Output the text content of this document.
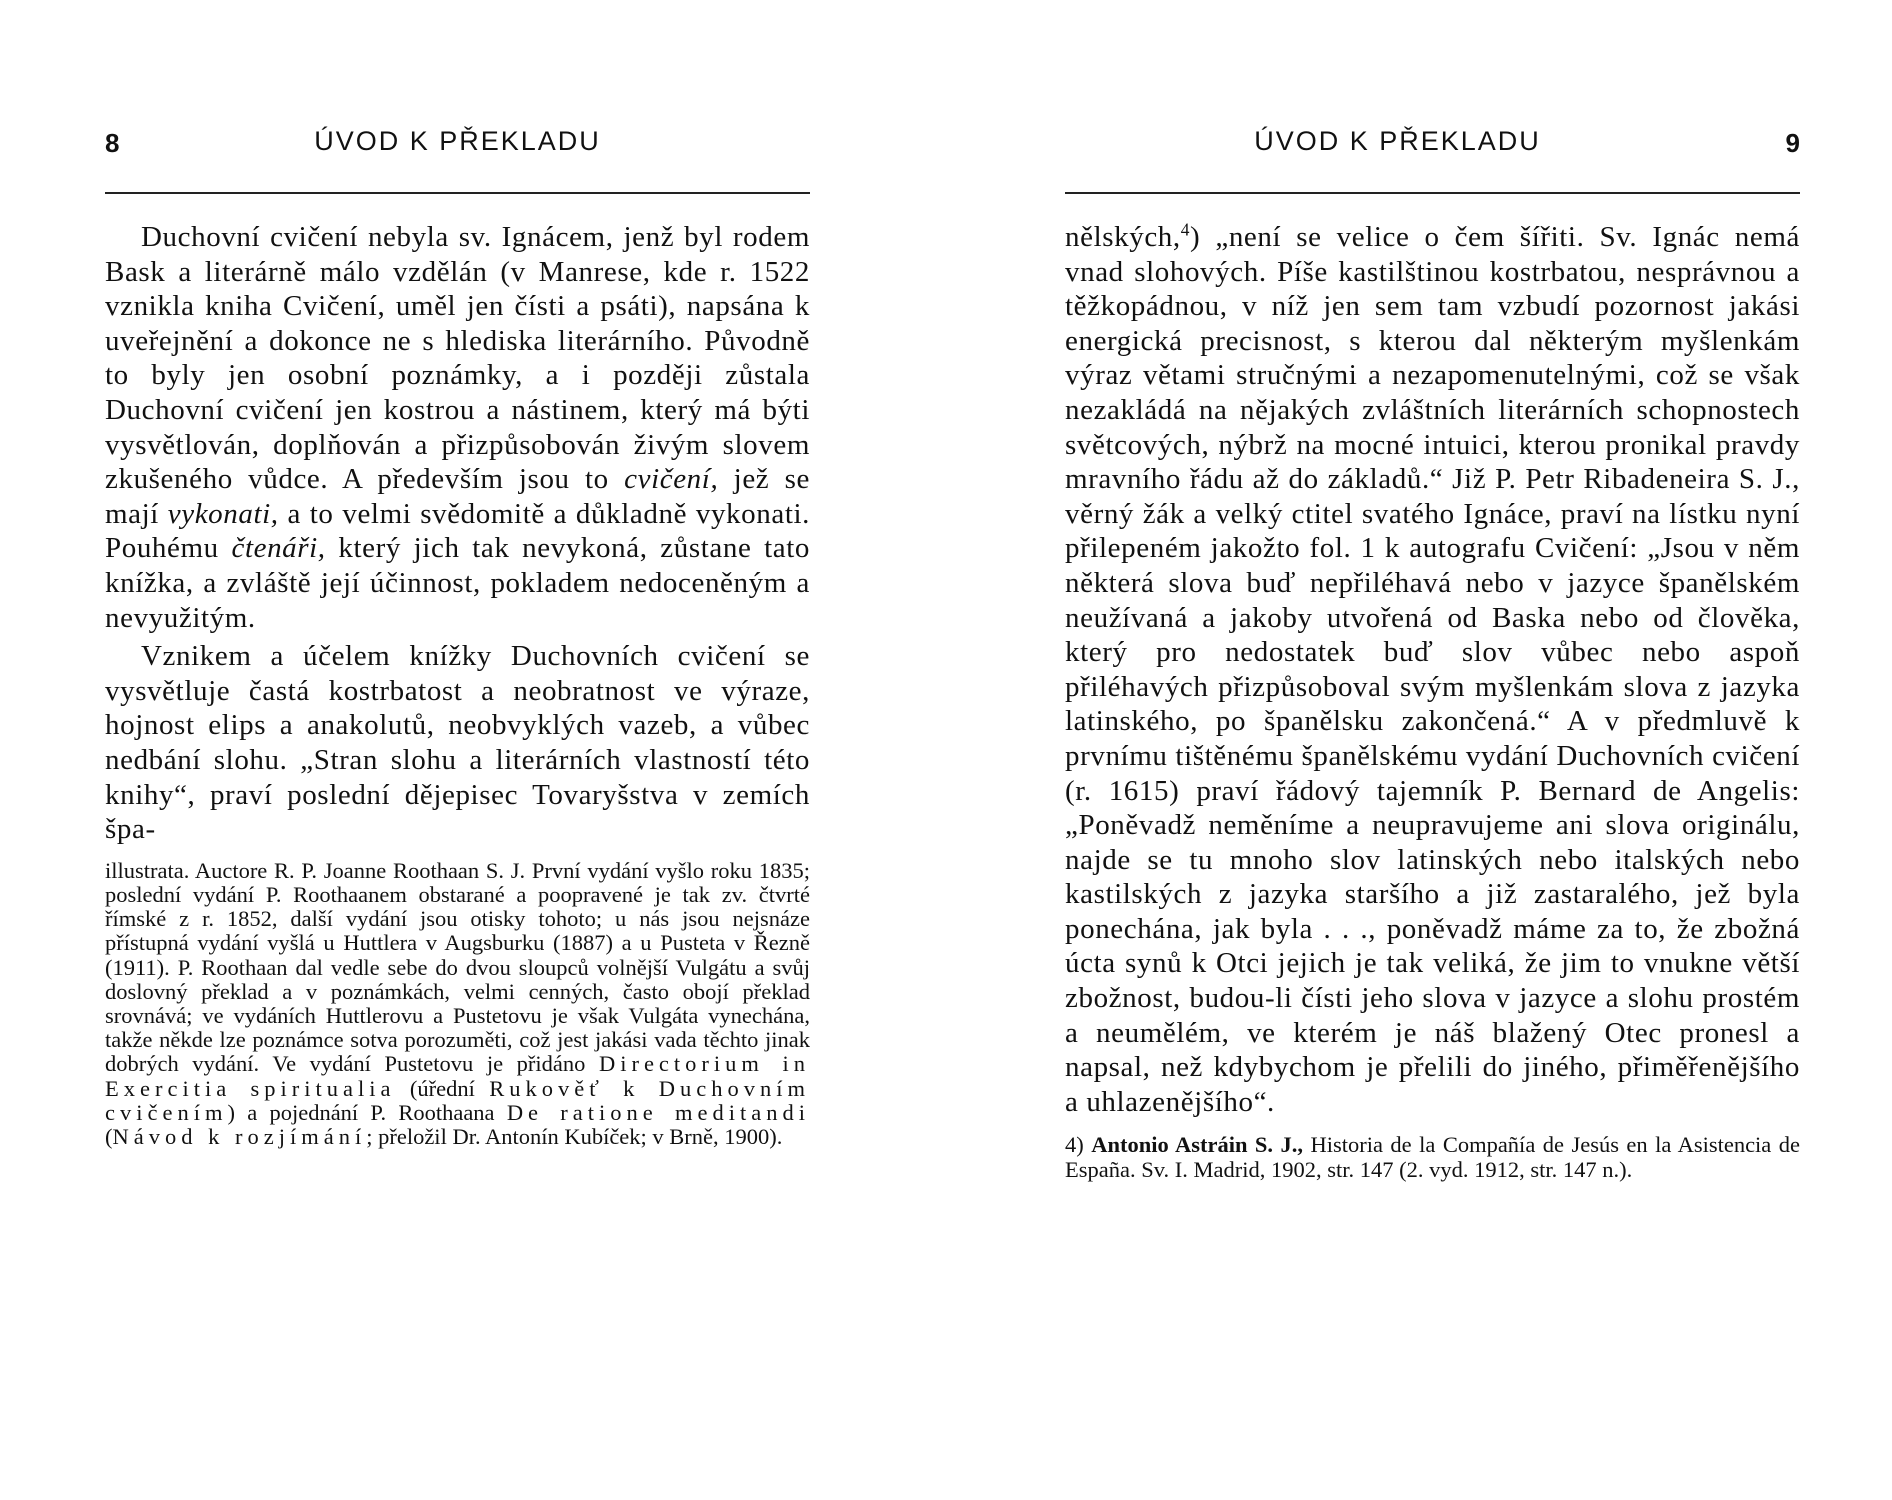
8	ÚVOD K PŘEKLADU

Duchovní cvičení nebyla sv. Ignácem, jenž byl rodem Bask a literárně málo vzdělán (v Manrese, kde r. 1522 vznikla kniha Cvičení, uměl jen čísti a psáti), napsána k uveřejnění a dokonce ne s hlediska literárního. Původně to byly jen osobní poznámky, a i později zůstala Duchovní cvičení jen kostrou a nástinem, který má býti vysvětlován, doplňován a přizpůsobován živým slovem zkušeného vůdce. A především jsou to cvičení, jež se mají vykonati, a to velmi svědomitě a důkladně vykonati. Pouhému čtenáři, který jich tak nevykoná, zůstane tato knížka, a zvláště její účinnost, pokladem nedoceněným a nevyužitým.

Vznikem a účelem knížky Duchovních cvičení se vysvětluje častá kostrbatost a neobratnost ve výraze, hojnost elips a anakolutů, neobvyklých vazeb, a vůbec nedbání slohu. „Stran slohu a literárních vlastností této knihy“, praví poslední dějepisec Tovaryšstva v zemích špa-

illustrata. Auctore R. P. Joanne Roothaan S. J. První vydání vyšlo roku 1835; poslední vydání P. Roothaanem obstarané a poopravené je tak zv. čtvrté římské z r. 1852, další vydání jsou otisky tohoto; u nás jsou nejsnáze přístupná vydání vyšlá u Huttlera v Augsburku (1887) a u Pusteta v Řezně (1911). P. Roothaan dal vedle sebe do dvou sloupců volnější Vulgátu a svůj doslovný překlad a v poznámkách, velmi cenných, často obojí překlad srovnává; ve vydáních Huttlerovu a Pustetovu je však Vulgáta vynechána, takže někde lze poznámce sotva porozuměti, což jest jakási vada těchto jinak dobrých vydání. Ve vydání Pustetovu je přidáno Directorium in Exercitia spiritualia (úřední Rukověť k Duchovním cvičením) a pojednání P. Roothaana De ratione meditandi (Návod k rozjímání; přeložil Dr. Antonín Kubíček; v Brně, 1900).
ÚVOD K PŘEKLADU	9

nělských,$^4$) „není se velice o čem šířiti. Sv. Ignác nemá vnad slohových. Píše kastilštinou kostrbatou, nesprávnou a těžkopádnou, v níž jen sem tam vzbudí pozornost jakási energická precisnost, s kterou dal některým myšlenkám výraz větami stručnými a nezapomenutelnými, což se však nezakládá na nějakých zvláštních literárních schopnostech světcových, nýbrž na mocné intuici, kterou pronikal pravdy mravního řádu až do základů.“ Již P. Petr Ribadeneira S. J., věrný žák a velký ctitel svatého Ignáce, praví na lístku nyní přilepeném jakožto fol. 1 k autografu Cvičení: „Jsou v něm některá slova buď nepřiléhavá nebo v jazyce španělském neužívaná a jakoby utvořená od Baska nebo od člověka, který pro nedostatek buď slov vůbec nebo aspoň přiléhavých přizpůsoboval svým myšlenkám slova z jazyka latinského, po španělsku zakončená.“ A v předmluvě k prvnímu tištěnému španělskému vydání Duchovních cvičení (r. 1615) praví řádový tajemník P. Bernard de Angelis: „Poněvadž neměníme a neupravujeme ani slova originálu, najde se tu mnoho slov latinských nebo italských nebo kastilských z jazyka staršího a již zastaralého, jež byla ponechána, jak byla . . ., poněvadž máme za to, že zbožná úcta synů k Otci jejich je tak veliká, že jim to vnukne větší zbožnost, budou-li čísti jeho slova v jazyce a slohu prostém a neumělém, ve kterém je náš blažený Otec pronesl a napsal, než kdybychom je přelili do jiného, přiměřenějšího a uhlazenějšího“.

4) Antonio Astráin S. J., Historia de la Compañía de Jesús en la Asistencia de España. Sv. I. Madrid, 1902, str. 147 (2. vyd. 1912, str. 147 n.).
